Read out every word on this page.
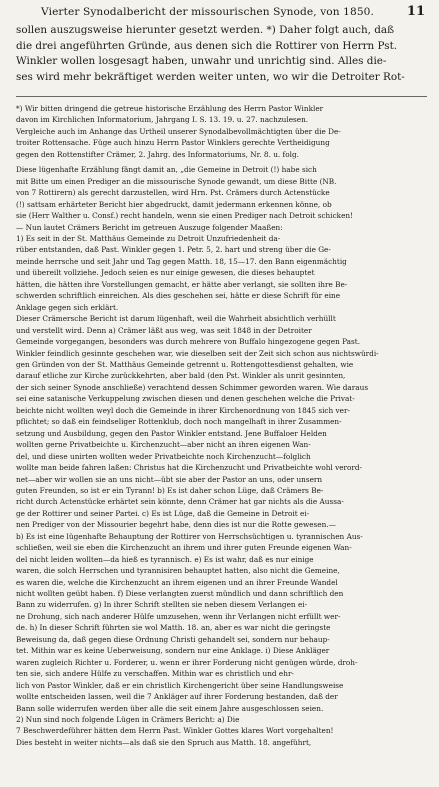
Vierter Synodalbericht der missourischen Synode, von 1850.	11
sollen auszugsweise hierunter gesetzt werden. *) Daher folgt auch, daß
die drei angeführten Gründe, aus denen sich die Rottirer von Herrn Pst.
Winkler wollen losgesagt haben, unwahr und unrichtig sind. Alles die-
ses wird mehr bekräftiget werden weiter unten, wo wir die Detroiter Rot-
*) Wir bitten dringend die getreue historische Erzählung des Herrn Pastor Winkler
davon im Kirchlichen Informatorium, Jahrgang I. S. 13. 19. u. 27. nachzulesen.
Vergleiche auch im Anhange das Urtheil unserer Synodalbevollmächtigten über die De-
troiter Rottensache. Füge auch hinzu Herrn Pastor Winklers gerechte Vertheidigung
gegen den Rottenstifter Crämer, 2. Jahrg. des Informatoriums, Nr. 8. u. folg.
Diese lügenhafte Erzählung fängt damit an, „die Gemeine in Detroit (!) habe sich
mit Bitte um einen Prediger an die missourische Synode gewandt, um diese Bitte (NB.
von 7 Rottirern) als gerecht darzustellen, wird Hrn. Pst. Crämers durch Actenstücke
(!) sattsam erhärteter Bericht hier abgedruckt, damit jedermann erkennen könne, ob
sie (Herr Walther u. Consf.) recht handeln, wenn sie einen Prediger nach Detroit schicken!
— Nun lautet Crämers Bericht im getreuen Auszuge folgender Maaßen:
1) Es seit in der St. Matthäus Gemeinde zu Detroit Unzufriedenheit da-
rüber entstanden, daß Past. Winkler gegen 1. Petr. 5, 2. hart und streng über die Ge-
meinde herrsche und seit Jahr und Tag gegen Matth. 18, 15—17. den Bann eigenmächtig
und übereilt vollziehe. Jedoch seien es nur einige gewesen, die dieses behauptet
hätten, die hätten ihre Vorstellungen gemacht, er hätte aber verlangt, sie sollten ihre Be-
schwerden schriftlich einreichen. Als dies geschehen sei, hätte er diese Schrift für eine
Anklage gegen sich erklärt.
Dieser Crämersche Bericht ist darum lügenhaft, weil die Wahrheit absichtlich verhüllt
und verstellt wird. Denn a) Crämer läßt aus weg, was seit 1848 in der Detroiter
Gemeinde vorgegangen, besonders was durch mehrere von Buffalo hingezogene gegen Past.
Winkler feindlich gesinnte geschehen war, wie dieselben seit der Zeit sich schon aus nichtswürdi-
gen Gründen von der St. Matthäus Gemeinde getrennt u. Rottengottesdienst gehalten, wie
darauf etliche zur Kirche zurückkehrten, aber bald (den Pst. Winkler als unrit gesinnten,
der sich seiner Synode anschließe) verachtend dessen Schimmer geworden waren. Wie daraus
sei eine satanische Verkuppelung zwischen diesen und denen geschehen welche die Privat-
beichte nicht wollten weyl doch die Gemeinde in ihrer Kirchenordnung von 1845 sich ver-
pflichtet; so daß ein feindseliger Rottenklub, doch noch mangelhaft in ihrer Zusammen-
setzung und Ausbildung, gegen den Pastor Winkler entstand. Jene Buffaloer Helden
wollten gerne Privatbeichte u. Kirchenzucht—aber nicht an ihren eigenen Wan-
del, und diese unirten wollten weder Privatbeichte noch Kirchenzucht—folglich
wollte man beide fahren laßen: Christus hat die Kirchenzucht und Privatbeichte wohl verord-
net—aber wir wollen sie an uns nicht—übt sie aber der Pastor an uns, oder unsern
guten Freunden, so ist er ein Tyrann! b) Es ist daher schon Lüge, daß Crämers Be-
richt durch Actenstücke erhärtet sein könnte, denn Crämer hat gar nichts als die Aussa-
ge der Rottirer und seiner Partei. c) Es ist Lüge, daß die Gemeine in Detroit ei-
nen Prediger von der Missourier begehrt habe, denn dies ist nur die Rotte gewesen.—
b) Es ist eine lügenhafte Behauptung der Rottirer von Herrschsüchtigen u. tyrannischen Aus-
schließen, weil sie eben die Kirchenzucht an ihrem und ihrer guten Freunde eigenen Wan-
del nicht leiden wollten—da hieß es tyrannisch. e) Es ist wahr, daß es nur einige
waren, die solch Herrschen und tyrannisiren behauptet hatten, also nicht die Gemeine,
es waren die, welche die Kirchenzucht an ihrem eigenen und an ihrer Freunde Wandel
nicht wollten geübt haben. f) Diese verlangten zuerst mündlich und dann schriftlich den
Bann zu widerrufen. g) In ihrer Schrift stellten sie neben diesem Verlangen ei-
ne Drohung, sich nach anderer Hülfe umzusehen, wenn ihr Verlangen nicht erfüllt wer-
de. h) In dieser Schrift führten sie wol Matth. 18. an, aber es war nicht die geringste
Beweisung da, daß gegen diese Ordnung Christi gehandelt sei, sondern nur behaup-
tet. Mithin war es keine Ueberweisung, sondern nur eine Anklage. i) Diese Ankläger
waren zugleich Richter u. Forderer, u. wenn er ihrer Forderung nicht genügen würde, droh-
ten sie, sich andere Hülfe zu verschaffen. Mithin war es christlich und ehr-
lich von Pastor Winkler, daß er ein christlich Kirchengericht über seine Handlungsweise
wollte entscheiden lassen, weil die 7 Ankläger auf ihrer Forderung bestanden, daß der
Bann solle widerrufen werden über alle die seit einem Jahre ausgeschlossen seien.
2) Nun sind noch folgende Lügen in Crämers Bericht: a) Die
7 Beschwerdeführer hätten dem Herrn Past. Winkler Gottes klares Wort vorgehalten!
Dies besteht in weiter nichts—als daß sie den Spruch aus Matth. 18. angeführt,
